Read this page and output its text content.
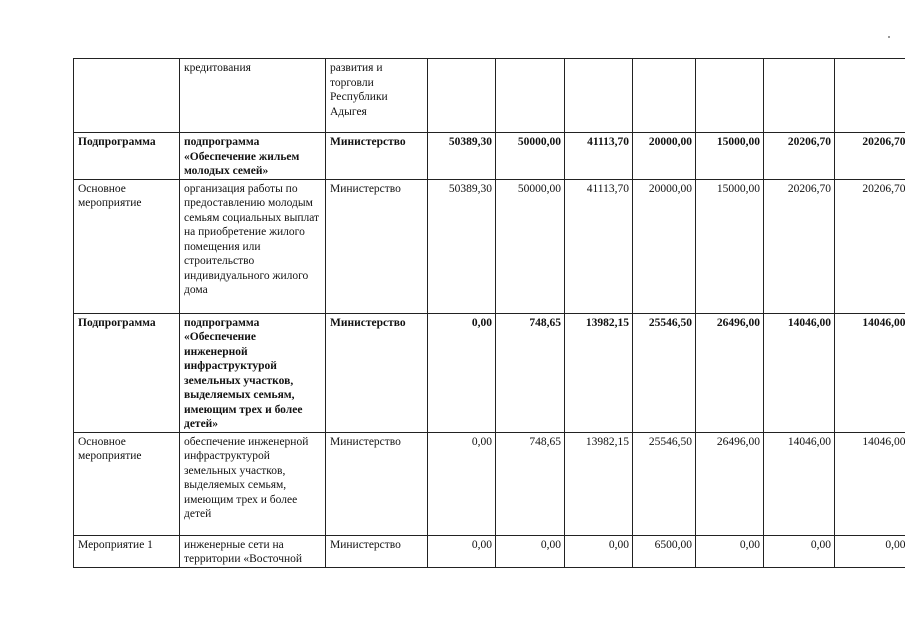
	кредитования	развития и торговли Республики Адыгея							
Подпрограмма	подпрограмма «Обеспечение жильем молодых семей»	Министерство	50389,30	50000,00	41113,70	20000,00	15000,00	20206,70	20206,70
Основное мероприятие	организация работы по предоставлению молодым семьям социальных выплат на приобретение жилого помещения или строительство индивидуального жилого дома	Министерство	50389,30	50000,00	41113,70	20000,00	15000,00	20206,70	20206,70
Подпрограмма	подпрограмма «Обеспечение инженерной инфраструктурой земельных участков, выделяемых семьям, имеющим трех и более детей»	Министерство	0,00	748,65	13982,15	25546,50	26496,00	14046,00	14046,00
Основное мероприятие	обеспечение инженерной инфраструктурой земельных участков, выделяемых семьям, имеющим трех и более детей	Министерство	0,00	748,65	13982,15	25546,50	26496,00	14046,00	14046,00
Мероприятие 1	инженерные сети на территории «Восточной	Министерство	0,00	0,00	0,00	6500,00	0,00	0,00	0,00
